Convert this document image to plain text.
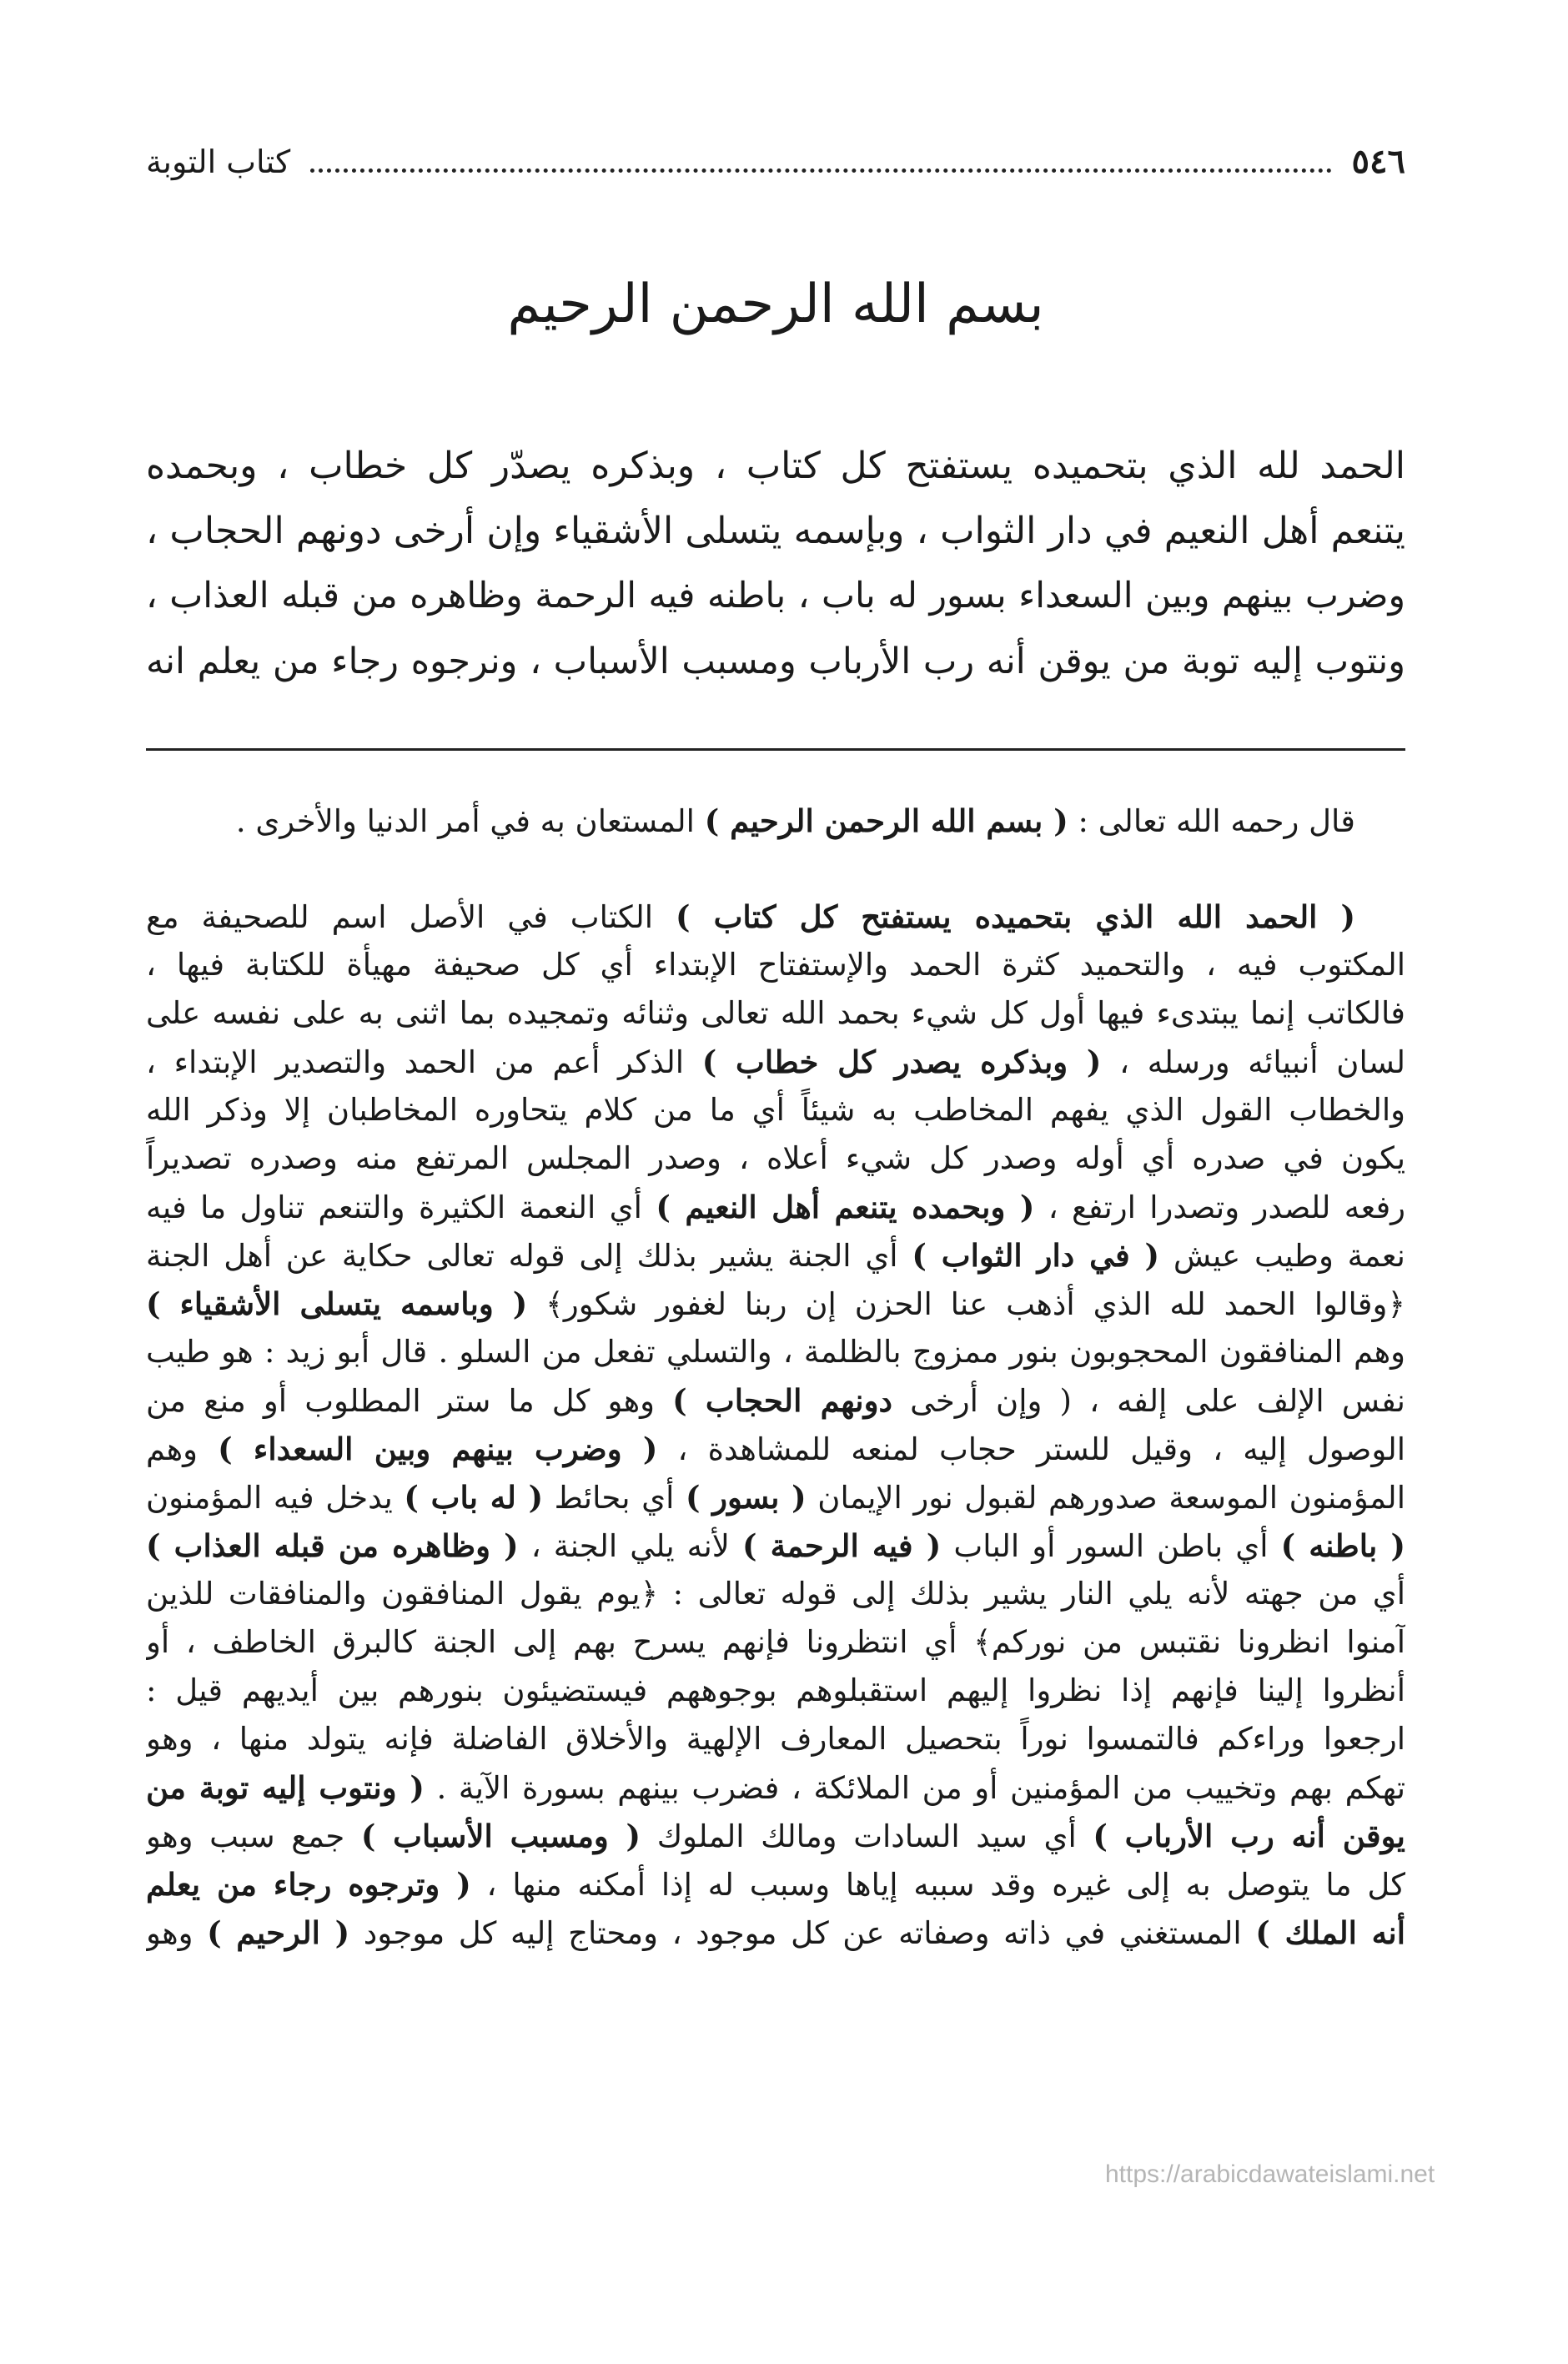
٥٤٦
كتاب التوبة
بسم الله الرحمن الرحيم
الحمد لله الذي بتحميده يستفتح كل كتاب ، وبذكره يصدّر كل خطاب ، وبحمده
يتنعم أهل النعيم في دار الثواب ، وبإسمه يتسلى الأشقياء وإن أرخى دونهم الحجاب ،
وضرب بينهم وبين السعداء بسور له باب ، باطنه فيه الرحمة وظاهره من قبله العذاب ،
ونتوب إليه توبة من يوقن أنه رب الأرباب ومسبب الأسباب ، ونرجوه رجاء من يعلم انه
قال رحمه الله تعالى : ( بسم الله الرحمن الرحيم ) المستعان به في أمر الدنيا والأخرى .
( الحمد الله الذي بتحميده يستفتح كل كتاب ) الكتاب في الأصل اسم للصحيفة مع
المكتوب فيه ، والتحميد كثرة الحمد والإستفتاح الإبتداء أي كل صحيفة مهيأة للكتابة فيها ،
فالكاتب إنما يبتدىء فيها أول كل شيء بحمد الله تعالى وثنائه وتمجيده بما اثنى به على نفسه على
لسان أنبيائه ورسله ، ( وبذكره يصدر كل خطاب ) الذكر أعم من الحمد والتصدير الإبتداء ،
والخطاب القول الذي يفهم المخاطب به شيئاً أي ما من كلام يتحاوره المخاطبان إلا وذكر الله
يكون في صدره أي أوله وصدر كل شيء أعلاه ، وصدر المجلس المرتفع منه وصدره تصديراً
رفعه للصدر وتصدرا ارتفع ، ( وبحمده يتنعم أهل النعيم ) أي النعمة الكثيرة والتنعم تناول ما فيه
نعمة وطيب عيش ( في دار الثواب ) أي الجنة يشير بذلك إلى قوله تعالى حكاية عن أهل الجنة
﴿وقالوا الحمد لله الذي أذهب عنا الحزن إن ربنا لغفور شكور﴾ ( وباسمه يتسلى الأشقياء )
وهم المنافقون المحجوبون بنور ممزوج بالظلمة ، والتسلي تفعل من السلو . قال أبو زيد : هو طيب
نفس الإلف على إلفه ، ( وإن أرخى دونهم الحجاب ) وهو كل ما ستر المطلوب أو منع من
الوصول إليه ، وقيل للستر حجاب لمنعه للمشاهدة ، ( وضرب بينهم وبين السعداء ) وهم
المؤمنون الموسعة صدورهم لقبول نور الإيمان ( بسور ) أي بحائط ( له باب ) يدخل فيه المؤمنون
( باطنه ) أي باطن السور أو الباب ( فيه الرحمة ) لأنه يلي الجنة ، ( وظاهره من قبله العذاب )
أي من جهته لأنه يلي النار يشير بذلك إلى قوله تعالى : ﴿يوم يقول المنافقون والمنافقات للذين
آمنوا انظرونا نقتبس من نوركم﴾ أي انتظرونا فإنهم يسرح بهم إلى الجنة كالبرق الخاطف ، أو
أنظروا إلينا فإنهم إذا نظروا إليهم استقبلوهم بوجوههم فيستضيئون بنورهم بين أيديهم قيل :
ارجعوا وراءكم فالتمسوا نوراً بتحصيل المعارف الإلهية والأخلاق الفاضلة فإنه يتولد منها ، وهو
تهكم بهم وتخييب من المؤمنين أو من الملائكة ، فضرب بينهم بسورة الآية . ( ونتوب إليه توبة من
يوقن أنه رب الأرباب ) أي سيد السادات ومالك الملوك ( ومسبب الأسباب ) جمع سبب وهو
كل ما يتوصل به إلى غيره وقد سببه إياها وسبب له إذا أمكنه منها ، ( وترجوه رجاء من يعلم
أنه الملك ) المستغني في ذاته وصفاته عن كل موجود ، ومحتاج إليه كل موجود ( الرحيم ) وهو
https://arabicdawateislami.net
